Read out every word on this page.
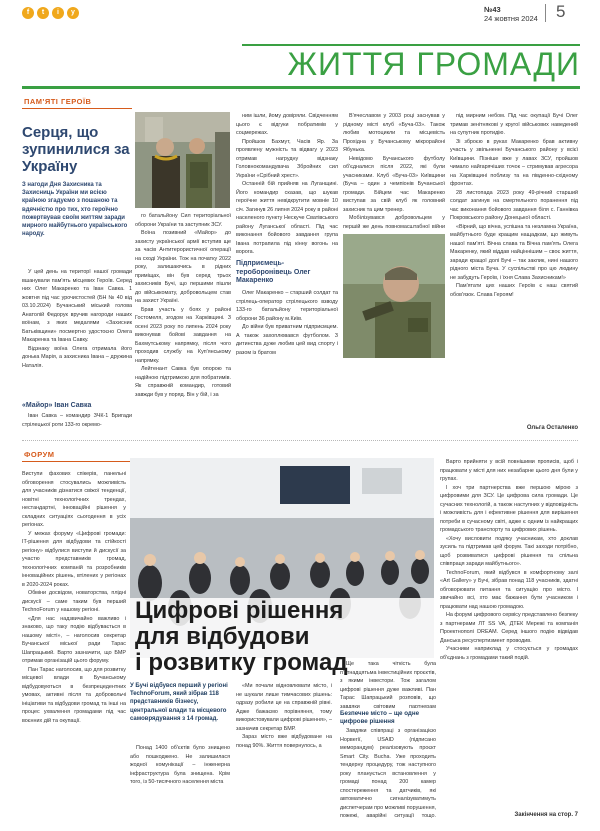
f	t	i	y	№43
24 жовтня 2024 5
ЖИТТЯ ГРОМАДИ
ПАМ'ЯТІ ГЕРОЇВ
Серця, що зупинилися за Україну
З нагоди Дня Захисника та Захисниць України ми всією країною згадуємо з пошаною та вдячністю про тих, хто героїчно пожертвував своїм життям заради мирного майбутнього українського народу.

У цей день на територї нашої громади вшанували пам'ять місцевих Героїв. Серед них Олег Макаренко та Іван Савка. 1 жовтня під час урочистостей (БН № 40 від 03.10.2024) Бучанський міський голова Анатолій Федорук вручив нагороди наших воїнам, з яких медалями «Захисник Батьківщини» посмертно удостоєно Олега Макаренка та Івана Савку.

Відзнаку воїна Олега отримала його донька Марія, а захисника Івана – дружина Наталія.

«Майор» Іван Савка

Іван Савка – командир ЗЧК-1 Бригади стрілецької роти 133-го окремо-

го батальйону Сил територіальної оборони України та заступник ЗСУ.

Воїна позивний «Майор» до захисту української армії вступив ще за часів Антитерористичної операції на сході України. Тож на початку 2022 року, залишаючись в рідних приміщах, він був серед трьох захисників Бучі, що першими пішли до військкомату, добровольцем став на захист Україні.

Брав участь у боях у районі Гостомеля, згодом на Харківщині. З осені 2023 року по липень 2024 року виконував бойові завдання на Бахмутському напрямку, після чого проходив службу на Куп'янському напрямку.

Лейтенант Савка був опорою та надійною підтримкою для побратимів. Як справжній командир, готовий завжди був у поряд. Він у бій, і за

ним ішли, йому довіряли. Свідченням цього є відгуки побратимів у соцмережах.

Пройшов Бахмут, Часів Яр. За проявлену мужність та відвагу у 2023 отримав нагрудну відзнаку Головнокомандувача Збройних сил України «Срібний хрест».

Останній бій прийняв на Луганщині. Його командир сказав, що шукав героїчне життя невідкрутити мовніе 10 січ. Загинув 26 липня 2024 року в районі населеного пункту Нескуче Сватівського району Луганської області. Під час виконання бойового завдання група Івана потрапила під кінну вогонь на ворога.

Підприємець-тероборонівець Олег Макаренко

Олег Макаренко – старший солдат та стрілець-оператор стрілецького взводу 133-го батальйону територіальної оборони 36 району м.Київ.

До війни був приватним підприємцем. А також захоплювався футболом. З дитинства дуже любив цей вид спорту і разом із братом

В'ячеславом у 2003 році заснував у рідному місті клуб «Буча-03». Також любив мотоцикли та місцевість Прохідна у Бучанському мікрорайоні Ябунька.

Невідомо Бучанського футболу об'єдналися після 2022, які були учасниками. Клуб «Буча-03» Київщини (Буча – один з чемпіонів Бучанської громади. Бійцем час Макаренко виступав за свій клуб як головний захисник та цим тренер.

Мобілізувався добровольцем у першій же день повномасштабної війни

під мирним небом. Під час окупації Бучі Олег тримав зенітнякові у кругої військових наведений на супутник протидію.

Зі зброєю в руках Макаренко брав активну участь у звільненні Бучанського району у всієї Київщини. Пізніше вже у лавах ЗСУ, пройшов чимало найгарячіших точок – стримував агресора на Харківщині поблизу та на південно-східному фронтах.

28 листопада 2023 року 49-річний старший солдат загинув на смертельного поранення під час виконання бойового завдання біля с. Ганнівка Покровського району Донецької області.

«Вірний, що вічна, успішна та незламна Україна, майбутнього буде кращим нащадкам, що живуть нашої пам'яті. Вічна слава та Вічна пам'ять Олега Макаренку, який віддав найціннішим – своє життя, заради кращої долі Бучі – так заклик, нині нашого рідного міста Буча. У суспільстві про цю людину не забудуть Героїв, і їхня Слава Захисникам!»

Пам'ятати цих наших Героїв є наш святий обов'язок. Слава Героям!

Ольга Осталенко
ФОРУМ

Виступи фахових спікерів, панельні обговорення стосувались можливість для учасників дізнатися свіжої тенденції, новітні технологічних трендах, нестандартні, інноваційні рішення у складних ситуаціях сьогодення в усіх регіонах.

У межах форуму «Цифрові громади: IT-рішення для відбудови та стійкості регіону» відбулися виступи й дискусії за участю представників громад, технологічних компаній та розробників інноваційних рішень, втілених у регіонах в 2020-2024 роках.

Обміни досвідом, новаторства, плідні дискусії – саме таким був перший TechnoForum у нашому регіоні.

«Для нас надзвичайно важливо і знаково, що таку подію відбувається в нашому місті», – наголосив секретар Бучанської міської ради Тарас Шапрацький. Варто зазначити, що БМР отримав організацій цього форуму.

Пан Тарас наголосив, що для розвитку місцевої влади в Бучанському відбудовуються в безпрецедентних умовах, активні після та добровольчі ініціативи та відбудови громад та інші на процес ухвалення громадами під час воєнних дій та окупації.

Цифрові рішення
для відбудови
і розвитку громад
У Бучі відбувся перший у регіоні TechnoForum, який зібрав 118 представників бізнесу, центральної влади та місцевого самоврядування з 14 громад.

Понад 1400 об'єктів було знищено або пошкоджено. Не залишилася жодної комунікації – інженерна інфраструктура була знищена. Крім того, із 50-тисячного населення міста

«Ми почали відновлювати місто, і не шукали лише тимчасових рішень: одразу робили це на справжній рівні. Адже бажаємо порівняння, тому використовували цифрові рішення», – зазначив секретар БМР.

Зараз місто вже відбудоване на понад 90%. Життя повернулось, а

Ще така чіткість була п'ятнадцятьма інвестиційних проєктів, з якими інвестори. Тож загалом цифрові рішення дуже важливі. Пан Тарас Шапрацький розповів, що завдяки світовим партнерам

Безпечне місто – ще одне цифрове рішення

Завдяки співпраці з організацією Норвегії, USAID (підписано меморандум) реалізовують проєкт Smart City. Bucha. Уже проходить тендерну процедуру, тож наступного року планується встановлення у громаді понад 200 камер спостереження та датчиків, які автоматично сигналізуватимуть диспетчерам про можливі порушення, пожежі, аварійні ситуації тощо.

Варто прийняти у всій повнішими прописів, щоб і працювати у місті для них незабарне цього дня були у групах.

І хоч три партнерства вже першою мірою з цифровими для ЗСУ. Це цифрова сила громади. Це сучасних технологій, а також наступних у відповідність і можливість для і ефективне рішення для вирішення потреби в сучасному світі, адже є одним із найкращих громадського транспорту та цифрових рішень.

«Хочу висловити подяку учасникам, хто доклав зусиль та підтримав цей форум. Такі заходи потрібно, щоб розвиватися цифрові рішення та спільна співпраця заради майбутнього».

TechnoForum, який відбувся в комфортному залі «Art Gallery» у Бучі, зібрав понад 118 учасників, здатні обговорювати питання та ситуацію про місто. І звичайно всі, хто має бажання бути учасником і працювати над нашою громадою.

На форумі цифрового сервісу представлено безпеку з партнерами ЛТ SS VA, ДТЕК Мережі та компанія Проектнополі DREAM. Серед іншого подію відвідав Данська ресуспертизмент проводив.

Учасники наприклад у стосується у громадах об'єднань з громадами такий подій.

Закінчення на стор. 7
